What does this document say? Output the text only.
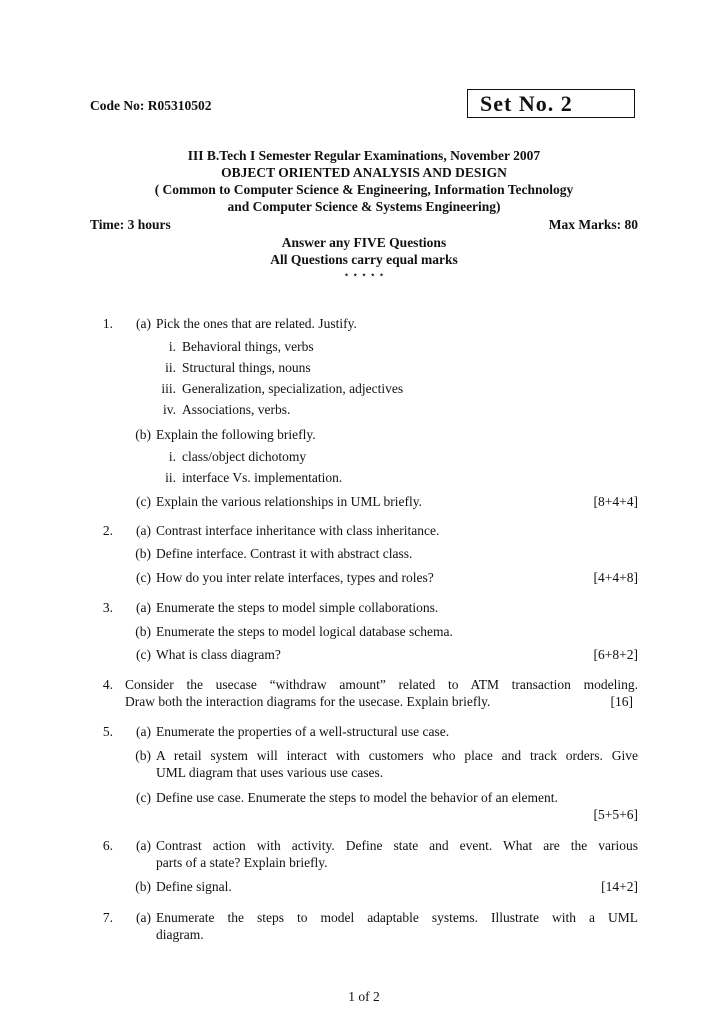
Code No: R05310502	Set No. 2
III B.Tech I Semester Regular Examinations, November 2007
OBJECT ORIENTED ANALYSIS AND DESIGN
( Common to Computer Science & Engineering, Information Technology
and Computer Science & Systems Engineering)
Time: 3 hours	Max Marks: 80
Answer any FIVE Questions
All Questions carry equal marks
⋆ ⋆ ⋆ ⋆ ⋆
1.	(a) Pick the ones that are related. Justify.
i. Behavioral things, verbs
ii. Structural things, nouns
iii. Generalization, specialization, adjectives
iv. Associations, verbs.
(b) Explain the following briefly.
i. class/object dichotomy
ii. interface Vs. implementation.
(c) Explain the various relationships in UML briefly.	[8+4+4]
2.	(a) Contrast interface inheritance with class inheritance.
(b) Define interface. Contrast it with abstract class.
(c) How do you inter relate interfaces, types and roles?	[4+4+8]
3.	(a) Enumerate the steps to model simple collaborations.
(b) Enumerate the steps to model logical database schema.
(c) What is class diagram?	[6+8+2]
4. Consider the usecase “withdraw amount” related to ATM transaction modeling.
Draw both the interaction diagrams for the usecase. Explain briefly.	[16]
5.	(a) Enumerate the properties of a well-structural use case.
(b) A retail system will interact with customers who place and track orders. Give
UML diagram that uses various use cases.
(c) Define use case. Enumerate the steps to model the behavior of an element.
[5+5+6]
6.	(a) Contrast action with activity. Define state and event. What are the various
parts of a state? Explain briefly.
(b) Define signal.	[14+2]
7.	(a) Enumerate the steps to model adaptable systems. Illustrate with a UML
diagram.
1 of 2
